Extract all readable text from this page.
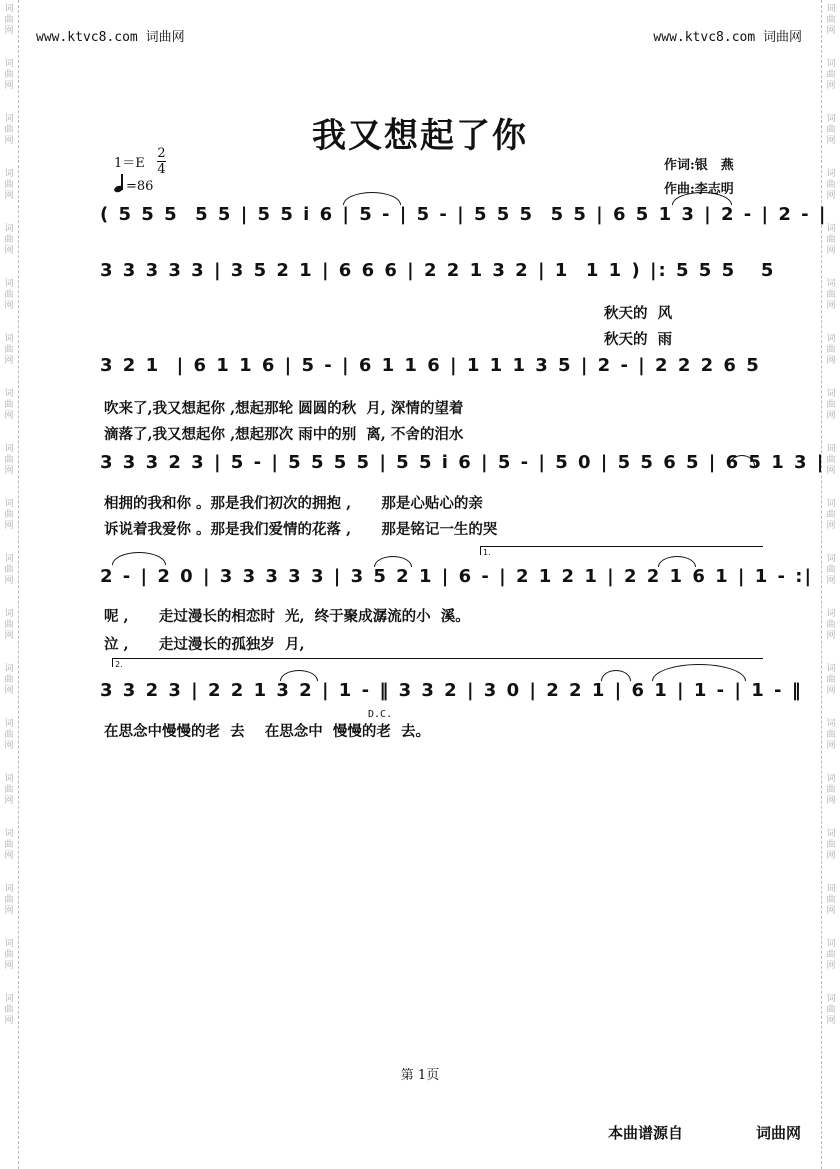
词
曲
网
词
曲
网
词
曲
网
词
曲
网
词
曲
网
词
曲
网
词
曲
网
词
曲
网
词
曲
网
词
曲
网
词
曲
网
词
曲
网
词
曲
网
词
曲
网
词
曲
网
词
曲
网
词
曲
网
词
曲
网
词
曲
网
词
曲
网
词
曲
网
词
曲
网
词
曲
网
词
曲
网
词
曲
网
词
曲
网
词
曲
网
词
曲
网
词
曲
网
词
曲
网
词
曲
网
词
曲
网
词
曲
网
词
曲
网
词
曲
网
词
曲
网
词
曲
网
词
曲
网
www.ktvc8.com 词曲网	www.ktvc8.com 词曲网
我又想起了你
1＝E
2
4
=86
作词:银　燕
作曲:李志明
( 5 5 5  5 5 | 5 5 i 6 | 5 - | 5 - | 5 5 5  5 5 | 6 5 1 3 | 2 - | 2 - |
3 3 3 3 3 | 3 5 2 1 | 6 6 6 | 2 2 1 3 2 | 1  1 1 ) |: 5 5 5   5
秋天的  风
秋天的  雨
3 2 1  | 6 1 1 6 | 5 - | 6 1 1 6 | 1 1 1 3 5 | 2 - | 2 2 2 6 5
吹来了,我又想起你 ,想起那轮 圆圆的秋  月, 深情的望着
滴落了,我又想起你 ,想起那次 雨中的别  离, 不舍的泪水
3 3 3 2 3 | 5 - | 5 5 5 5 | 5 5 i 6 | 5 - | 5 0 | 5 5 6 5 | 6 5 1 3 |
相拥的我和你 。那是我们初次的拥抱 ,      那是心贴心的亲
诉说着我爱你 。那是我们爱情的花落 ,      那是铭记一生的哭
1.
2 - | 2 0 | 3 3 3 3 3 | 3 5 2 1 | 6 - | 2 1 2 1 | 2 2 1 6 1 | 1 - :|
呢 ,      走过漫长的相恋时  光,  终于聚成潺流的小  溪。
泣 ,      走过漫长的孤独岁  月,
2.
3 3 2 3 | 2 2 1 3 2 | 1 - ‖ 3 3 2 | 3 0 | 2 2 1 | 6 1 | 1 - | 1 - ‖
D.C.
在思念中慢慢的老  去    在思念中  慢慢的老  去。
第 1页
本曲谱源自	词曲网
